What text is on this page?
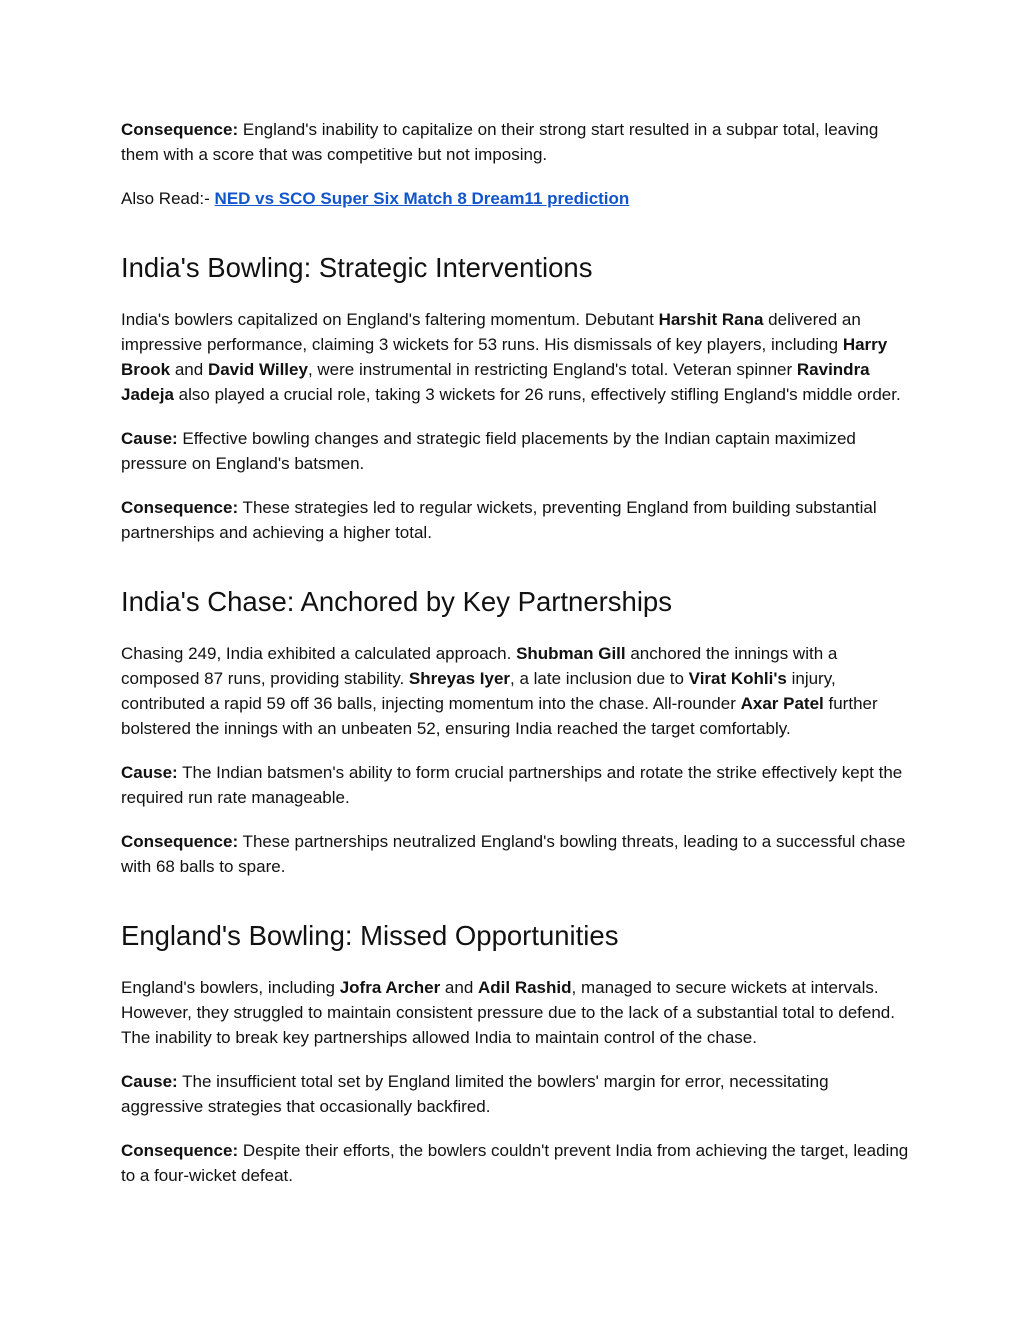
Consequence: England's inability to capitalize on their strong start resulted in a subpar total, leaving them with a score that was competitive but not imposing.

Also Read:- NED vs SCO Super Six Match 8 Dream11 prediction

India's Bowling: Strategic Interventions

India's bowlers capitalized on England's faltering momentum. Debutant Harshit Rana delivered an impressive performance, claiming 3 wickets for 53 runs. His dismissals of key players, including Harry Brook and David Willey, were instrumental in restricting England's total. Veteran spinner Ravindra Jadeja also played a crucial role, taking 3 wickets for 26 runs, effectively stifling England's middle order.

Cause: Effective bowling changes and strategic field placements by the Indian captain maximized pressure on England's batsmen.

Consequence: These strategies led to regular wickets, preventing England from building substantial partnerships and achieving a higher total.

India's Chase: Anchored by Key Partnerships

Chasing 249, India exhibited a calculated approach. Shubman Gill anchored the innings with a composed 87 runs, providing stability. Shreyas Iyer, a late inclusion due to Virat Kohli's injury, contributed a rapid 59 off 36 balls, injecting momentum into the chase. All-rounder Axar Patel further bolstered the innings with an unbeaten 52, ensuring India reached the target comfortably.

Cause: The Indian batsmen's ability to form crucial partnerships and rotate the strike effectively kept the required run rate manageable.

Consequence: These partnerships neutralized England's bowling threats, leading to a successful chase with 68 balls to spare.

England's Bowling: Missed Opportunities

England's bowlers, including Jofra Archer and Adil Rashid, managed to secure wickets at intervals. However, they struggled to maintain consistent pressure due to the lack of a substantial total to defend. The inability to break key partnerships allowed India to maintain control of the chase.

Cause: The insufficient total set by England limited the bowlers' margin for error, necessitating aggressive strategies that occasionally backfired.

Consequence: Despite their efforts, the bowlers couldn't prevent India from achieving the target, leading to a four-wicket defeat.
